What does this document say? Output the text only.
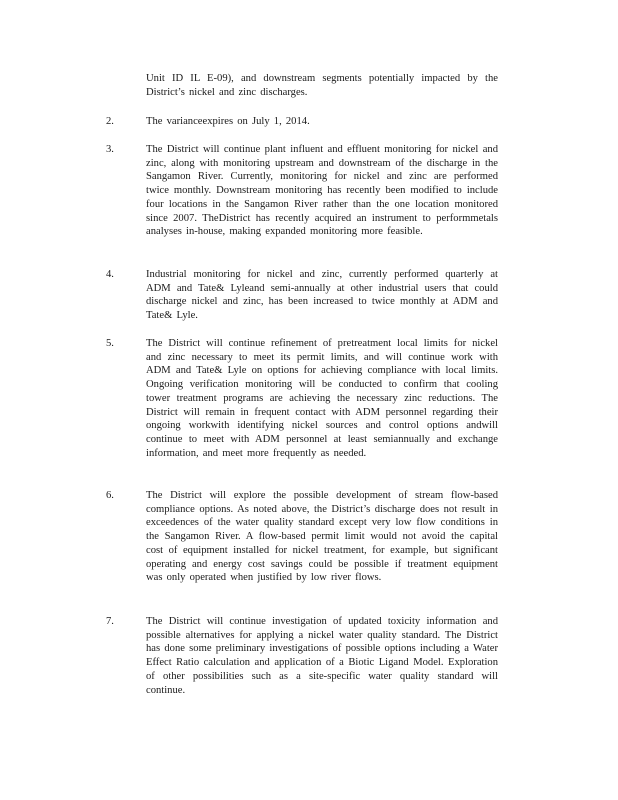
Unit ID IL E-09), and downstream segments potentially impacted by the District’s nickel and zinc discharges.
2.	The varianceexpires on July 1, 2014.
3.	The District will continue plant influent and effluent monitoring for nickel and zinc, along with monitoring upstream and downstream of the discharge in the Sangamon River. Currently, monitoring for nickel and zinc are performed twice monthly. Downstream monitoring has recently been modified to include four locations in the Sangamon River rather than the one location monitored since 2007. TheDistrict has recently acquired an instrument to performmetals analyses in-house, making expanded monitoring more feasible.
4.	Industrial monitoring for nickel and zinc, currently performed quarterly at ADM and Tate& Lyleand semi-annually at other industrial users that could discharge nickel and zinc, has been increased to twice monthly at ADM and Tate& Lyle.
5.	The District will continue refinement of pretreatment local limits for nickel and zinc necessary to meet its permit limits, and will continue work with ADM and Tate& Lyle on options for achieving compliance with local limits. Ongoing verification monitoring will be conducted to confirm that cooling tower treatment programs are achieving the necessary zinc reductions. The District will remain in frequent contact with ADM personnel regarding their ongoing workwith identifying nickel sources and control options andwill continue to meet with ADM personnel at least semiannually and exchange information, and meet more frequently as needed.
6.	The District will explore the possible development of stream flow-based compliance options. As noted above, the District’s discharge does not result in exceedences of the water quality standard except very low flow conditions in the Sangamon River. A flow-based permit limit would not avoid the capital cost of equipment installed for nickel treatment, for example, but significant operating and energy cost savings could be possible if treatment equipment was only operated when justified by low river flows.
7.	The District will continue investigation of updated toxicity information and possible alternatives for applying a nickel water quality standard. The District has done some preliminary investigations of possible options including a Water Effect Ratio calculation and application of a Biotic Ligand Model. Exploration of other possibilities such as a site-specific water quality standard will continue.
